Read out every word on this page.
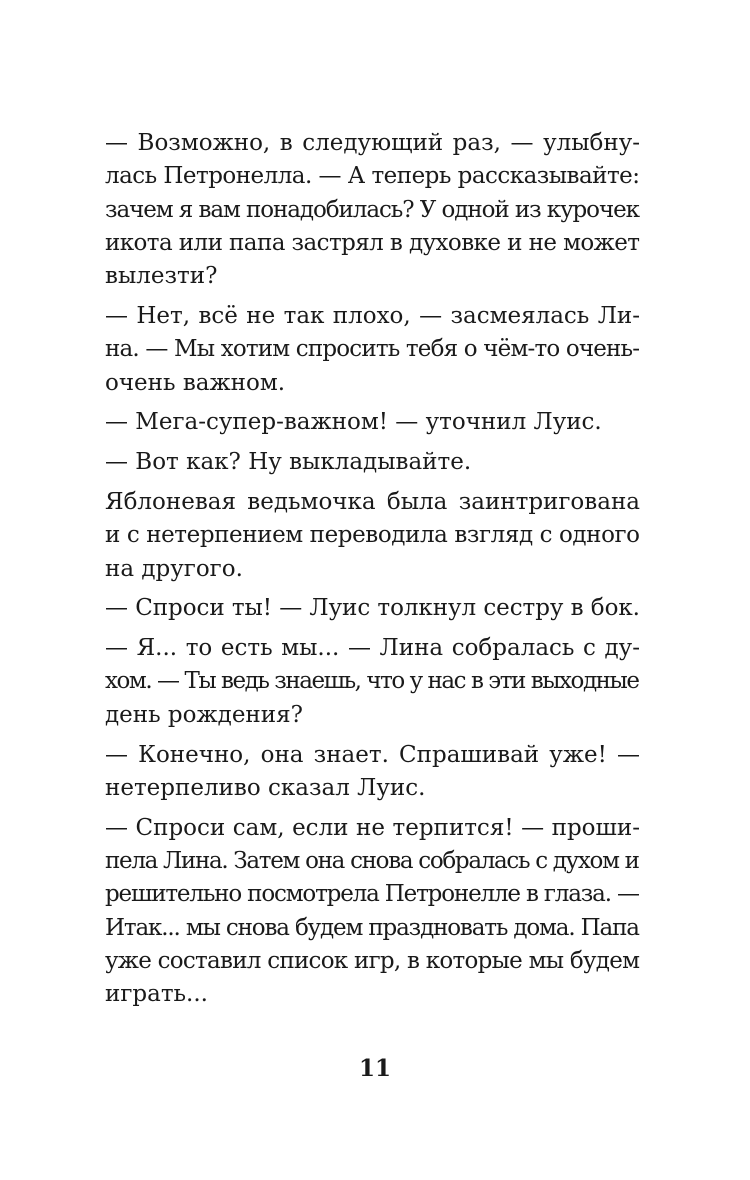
— Возможно, в следующий раз, — улыбну-
лась Петронелла. — А теперь рассказывайте:
зачем я вам понадобилась? У одной из курочек
икота или папа застрял в духовке и не может
вылезти?
— Нет, всё не так плохо, — засмеялась Ли-
на. — Мы хотим спросить тебя о чём-то очень-
очень важном.
— Мега-супер-важном! — уточнил Луис.
— Вот как? Ну выкладывайте.
Яблоневая ведьмочка была заинтригована
и с нетерпением переводила взгляд с одного
на другого.
— Спроси ты! — Луис толкнул сестру в бок.
— Я... то есть мы... — Лина собралась с ду-
хом. — Ты ведь знаешь, что у нас в эти выходные
день рождения?
— Конечно, она знает. Спрашивай уже! —
нетерпеливо сказал Луис.
— Спроси сам, если не терпится! — проши-
пела Лина. Затем она снова собралась с духом и
решительно посмотрела Петронелле в глаза. —
Итак... мы снова будем праздновать дома. Папа
уже составил список игр, в которые мы будем
играть...
11
